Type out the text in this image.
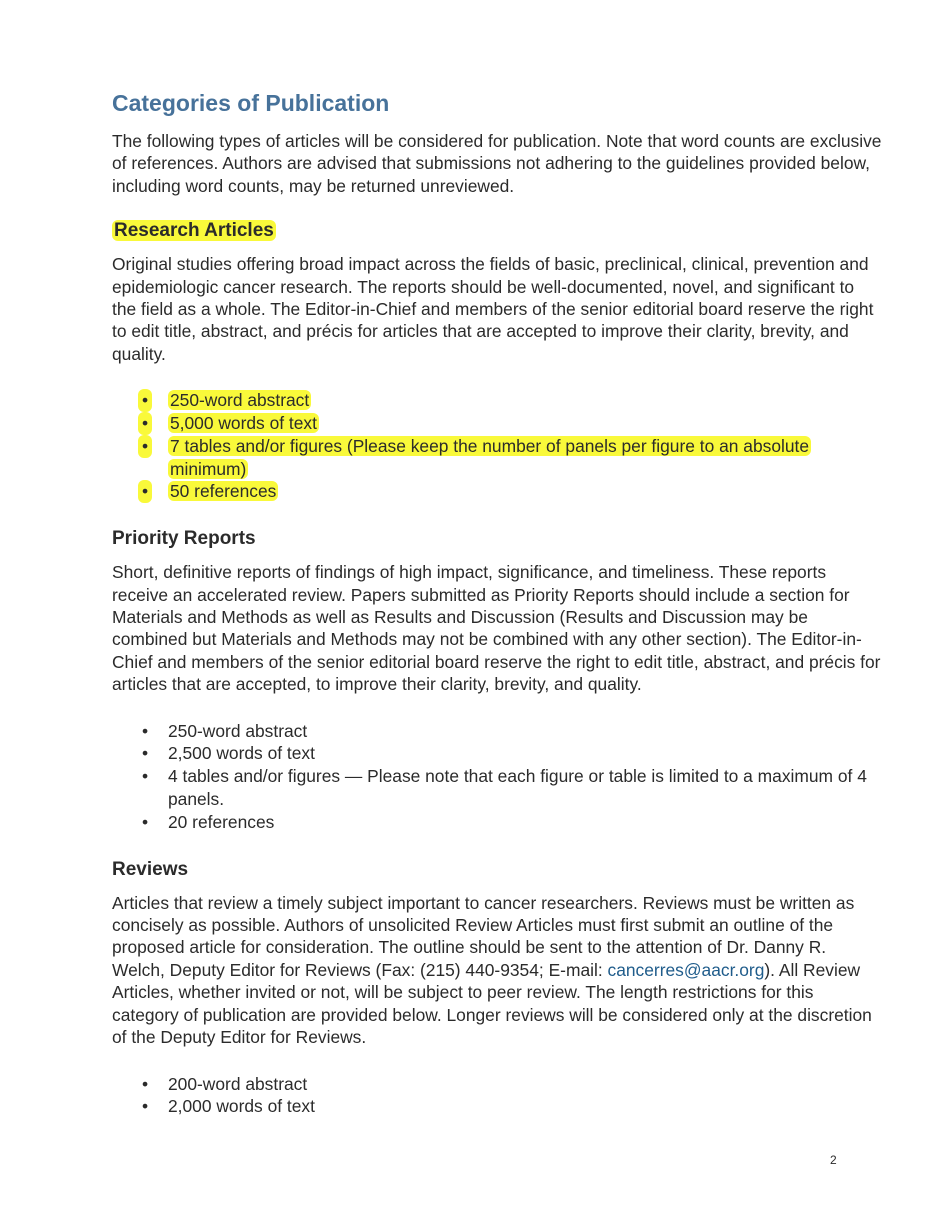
Categories of Publication

The following types of articles will be considered for publication. Note that word counts are exclusive of references. Authors are advised that submissions not adhering to the guidelines provided below, including word counts, may be returned unreviewed.

Research Articles

Original studies offering broad impact across the fields of basic, preclinical, clinical, prevention and epidemiologic cancer research. The reports should be well-documented, novel, and significant to the field as a whole. The Editor-in-Chief and members of the senior editorial board reserve the right to edit title, abstract, and précis for articles that are accepted to improve their clarity, brevity, and quality.

• 250-word abstract
• 5,000 words of text
• 7 tables and/or figures (Please keep the number of panels per figure to an absolute minimum)
• 50 references
Priority Reports

Short, definitive reports of findings of high impact, significance, and timeliness. These reports receive an accelerated review. Papers submitted as Priority Reports should include a section for Materials and Methods as well as Results and Discussion (Results and Discussion may be combined but Materials and Methods may not be combined with any other section). The Editor-in-Chief and members of the senior editorial board reserve the right to edit title, abstract, and précis for articles that are accepted, to improve their clarity, brevity, and quality.

• 250-word abstract
• 2,500 words of text
• 4 tables and/or figures — Please note that each figure or table is limited to a maximum of 4 panels.
• 20 references
Reviews

Articles that review a timely subject important to cancer researchers. Reviews must be written as concisely as possible. Authors of unsolicited Review Articles must first submit an outline of the proposed article for consideration. The outline should be sent to the attention of Dr. Danny R. Welch, Deputy Editor for Reviews (Fax: (215) 440-9354; E-mail: cancerres@aacr.org). All Review Articles, whether invited or not, will be subject to peer review. The length restrictions for this category of publication are provided below. Longer reviews will be considered only at the discretion of the Deputy Editor for Reviews.

• 200-word abstract
• 2,000 words of text
2
